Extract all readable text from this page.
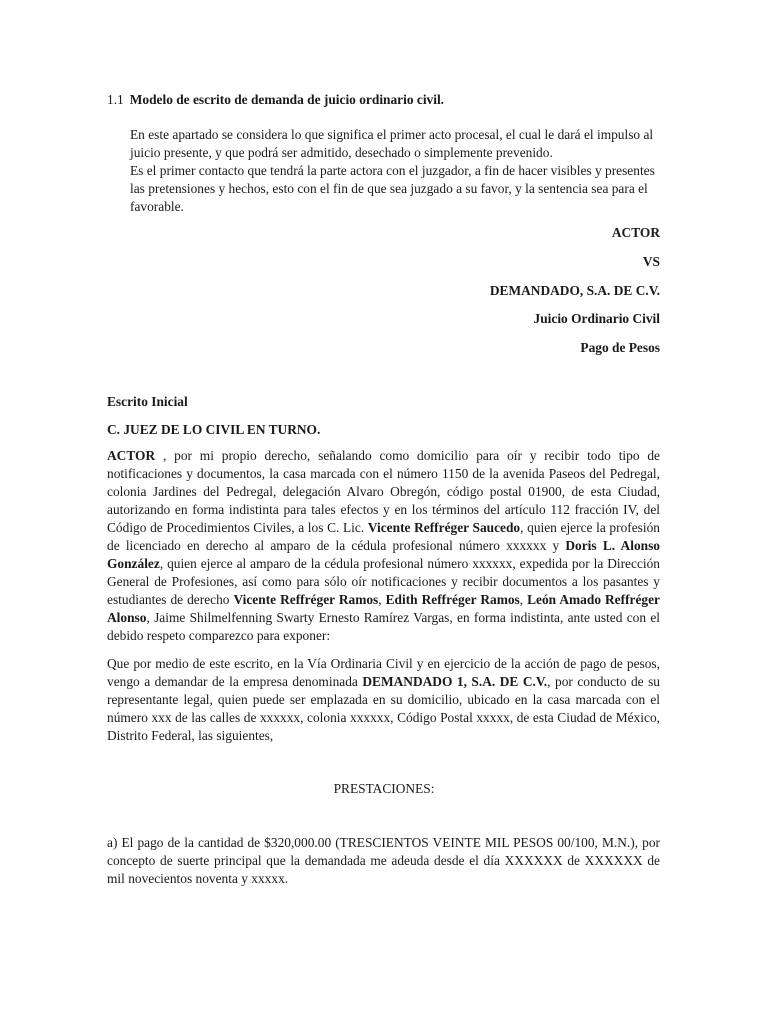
1.1 Modelo de escrito de demanda de juicio ordinario civil.

En este apartado se considera lo que significa el primer acto procesal, el cual le dará el impulso al juicio presente, y que podrá ser admitido, desechado o simplemente prevenido.

Es el primer contacto que tendrá la parte actora con el juzgador, a fin de hacer visibles y presentes las pretensiones y hechos, esto con el fin de que sea juzgado a su favor, y la sentencia sea para el favorable.

ACTOR
VS
DEMANDADO, S.A. DE C.V.
Juicio Ordinario Civil
Pago de Pesos
Escrito Inicial
C. JUEZ DE LO CIVIL EN TURNO.

ACTOR , por mi propio derecho, señalando como domicilio para oír y recibir todo tipo de notificaciones y documentos, la casa marcada con el número 1150 de la avenida Paseos del Pedregal, colonia Jardines del Pedregal, delegación Alvaro Obregón, código postal 01900, de esta Ciudad, autorizando en forma indistinta para tales efectos y en los términos del artículo 112 fracción IV, del Código de Procedimientos Civiles, a los C. Lic. Vicente Reffréger Saucedo, quien ejerce la profesión de licenciado en derecho al amparo de la cédula profesional número xxxxxx y Doris L. Alonso González, quien ejerce al amparo de la cédula profesional número xxxxxx, expedida por la Dirección General de Profesiones, así como para sólo oír notificaciones y recibir documentos a los pasantes y estudiantes de derecho Vicente Reffréger Ramos, Edith Reffréger Ramos, León Amado Reffréger Alonso, Jaime Shilmelfenning Swarty Ernesto Ramírez Vargas, en forma indistinta, ante usted con el debido respeto comparezco para exponer:

Que por medio de este escrito, en la Vía Ordinaria Civil y en ejercicio de la acción de pago de pesos, vengo a demandar de la empresa denominada DEMANDADO 1, S.A. DE C.V., por conducto de su representante legal, quien puede ser emplazada en su domicilio, ubicado en la casa marcada con el número xxx de las calles de xxxxxx, colonia xxxxxx, Código Postal xxxxx, de esta Ciudad de México, Distrito Federal, las siguientes,

PRESTACIONES:

a) El pago de la cantidad de $320,000.00 (TRESCIENTOS VEINTE MIL PESOS 00/100, M.N.), por concepto de suerte principal que la demandada me adeuda desde el día XXXXXX de XXXXXX de mil novecientos noventa y xxxxx.
